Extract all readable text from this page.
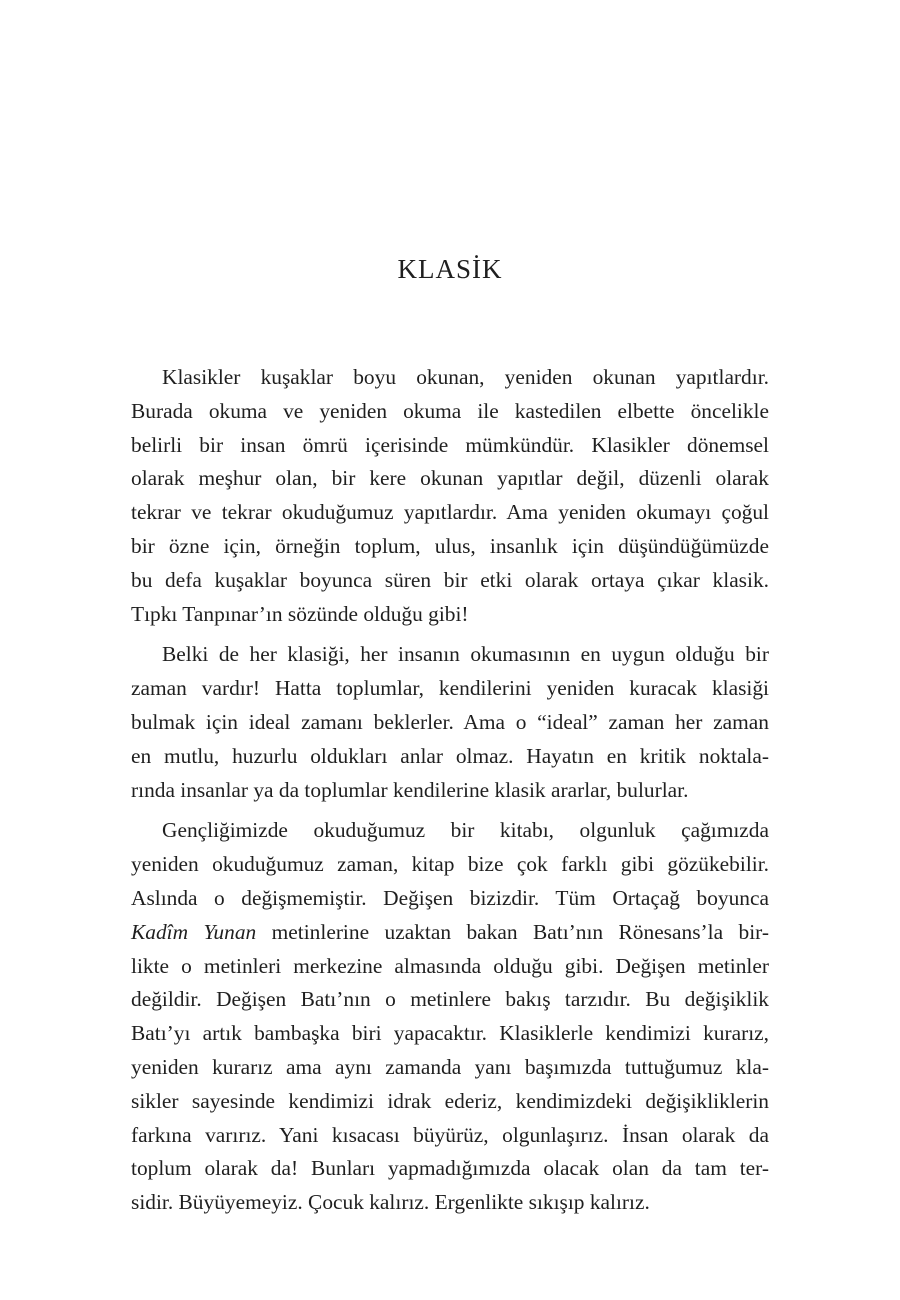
KLASİK
Klasikler kuşaklar boyu okunan, yeniden okunan yapıtlardır.
Burada okuma ve yeniden okuma ile kastedilen elbette öncelikle
belirli bir insan ömrü içerisinde mümkündür. Klasikler dönemsel
olarak meşhur olan, bir kere okunan yapıtlar değil, düzenli olarak
tekrar ve tekrar okuduğumuz yapıtlardır. Ama yeniden okumayı çoğul
bir özne için, örneğin toplum, ulus, insanlık için düşündüğümüzde
bu defa kuşaklar boyunca süren bir etki olarak ortaya çıkar klasik.
Tıpkı Tanpınar’ın sözünde olduğu gibi!
Belki de her klasiği, her insanın okumasının en uygun olduğu bir
zaman vardır! Hatta toplumlar, kendilerini yeniden kuracak klasiği
bulmak için ideal zamanı beklerler. Ama o “ideal” zaman her zaman
en mutlu, huzurlu oldukları anlar olmaz. Hayatın en kritik noktala-
rında insanlar ya da toplumlar kendilerine klasik ararlar, bulurlar.
Gençliğimizde okuduğumuz bir kitabı, olgunluk çağımızda
yeniden okuduğumuz zaman, kitap bize çok farklı gibi gözükebilir.
Aslında o değişmemiştir. Değişen bizizdir. Tüm Ortaçağ boyunca
Kadîm Yunan metinlerine uzaktan bakan Batı’nın Rönesans’la bir-
likte o metinleri merkezine almasında olduğu gibi. Değişen metinler
değildir. Değişen Batı’nın o metinlere bakış tarzıdır. Bu değişiklik
Batı’yı artık bambaşka biri yapacaktır. Klasiklerle kendimizi kurarız,
yeniden kurarız ama aynı zamanda yanı başımızda tuttuğumuz kla-
sikler sayesinde kendimizi idrak ederiz, kendimizdeki değişikliklerin
farkına varırız. Yani kısacası büyürüz, olgunlaşırız. İnsan olarak da
toplum olarak da! Bunları yapmadığımızda olacak olan da tam ter-
sidir. Büyüyemeyiz. Çocuk kalırız. Ergenlikte sıkışıp kalırız.
